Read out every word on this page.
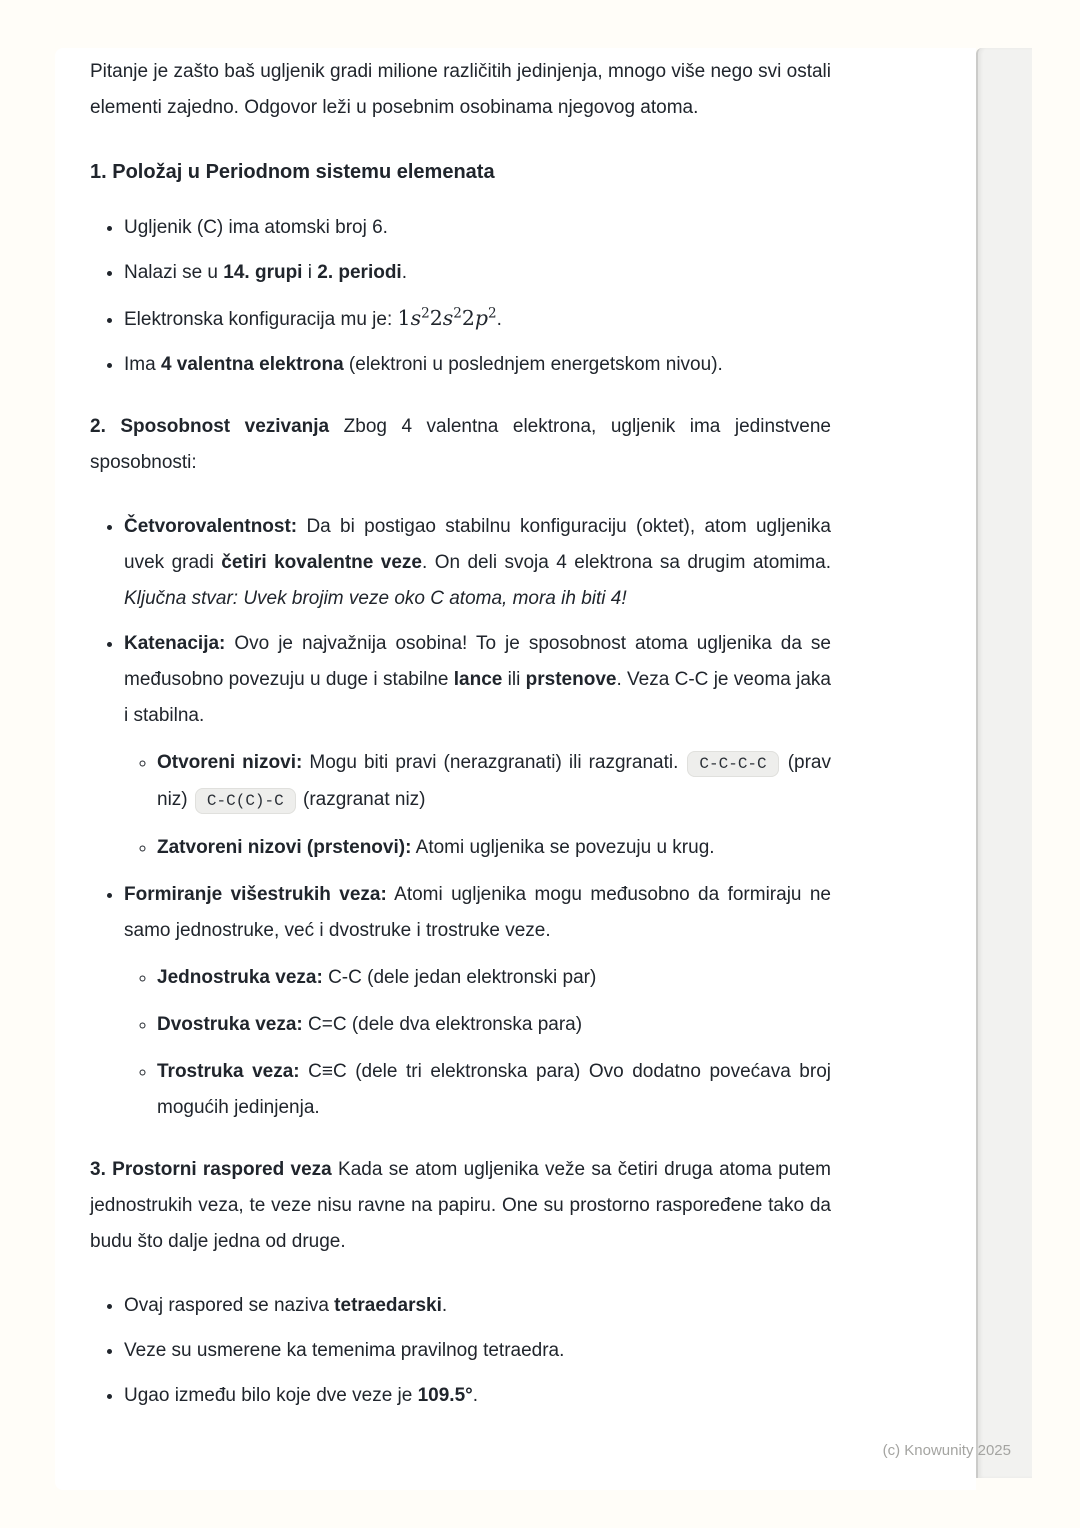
Pitanje je zašto baš ugljenik gradi milione različitih jedinjenja, mnogo više nego svi ostali elementi zajedno. Odgovor leži u posebnim osobinama njegovog atoma.

1. Položaj u Periodnom sistemu elemenata

• Ugljenik (C) ima atomski broj 6.
• Nalazi se u 14. grupi i 2. periodi.
• Elektronska konfiguracija mu je: $1s^22s^22p^2$.
• Ima 4 valentna elektrona (elektroni u poslednjem energetskom nivou).

2. Sposobnost vezivanja Zbog 4 valentna elektrona, ugljenik ima jedinstvene sposobnosti:

• Četvorovalentnost: Da bi postigao stabilnu konfiguraciju (oktet), atom ugljenika uvek gradi četiri kovalentne veze. On deli svoja 4 elektrona sa drugim atomima. Ključna stvar: Uvek brojim veze oko C atoma, mora ih biti 4!
• Katenacija: Ovo je najvažnija osobina! To je sposobnost atoma ugljenika da se međusobno povezuju u duge i stabilne lance ili prstenove. Veza C-C je veoma jaka i stabilna.
◦ Otvoreni nizovi: Mogu biti pravi (nerazgranati) ili razgranati. C-C-C-C (prav niz) C-C(C)-C (razgranat niz)
◦ Zatvoreni nizovi (prstenovi): Atomi ugljenika se povezuju u krug.
• Formiranje višestrukih veza: Atomi ugljenika mogu međusobno da formiraju ne samo jednostruke, već i dvostruke i trostruke veze.
◦ Jednostruka veza: C-C (dele jedan elektronski par)
◦ Dvostruka veza: C=C (dele dva elektronska para)
◦ Trostruka veza: C≡C (dele tri elektronska para) Ovo dodatno povećava broj mogućih jedinjenja.

3. Prostorni raspored veza Kada se atom ugljenika veže sa četiri druga atoma putem jednostrukih veza, te veze nisu ravne na papiru. One su prostorno raspoređene tako da budu što dalje jedna od druge.

• Ovaj raspored se naziva tetraedarski.
• Veze su usmerene ka temenima pravilnog tetraedra.
• Ugao između bilo koje dve veze je 109.5°.
(c) Knowunity 2025
